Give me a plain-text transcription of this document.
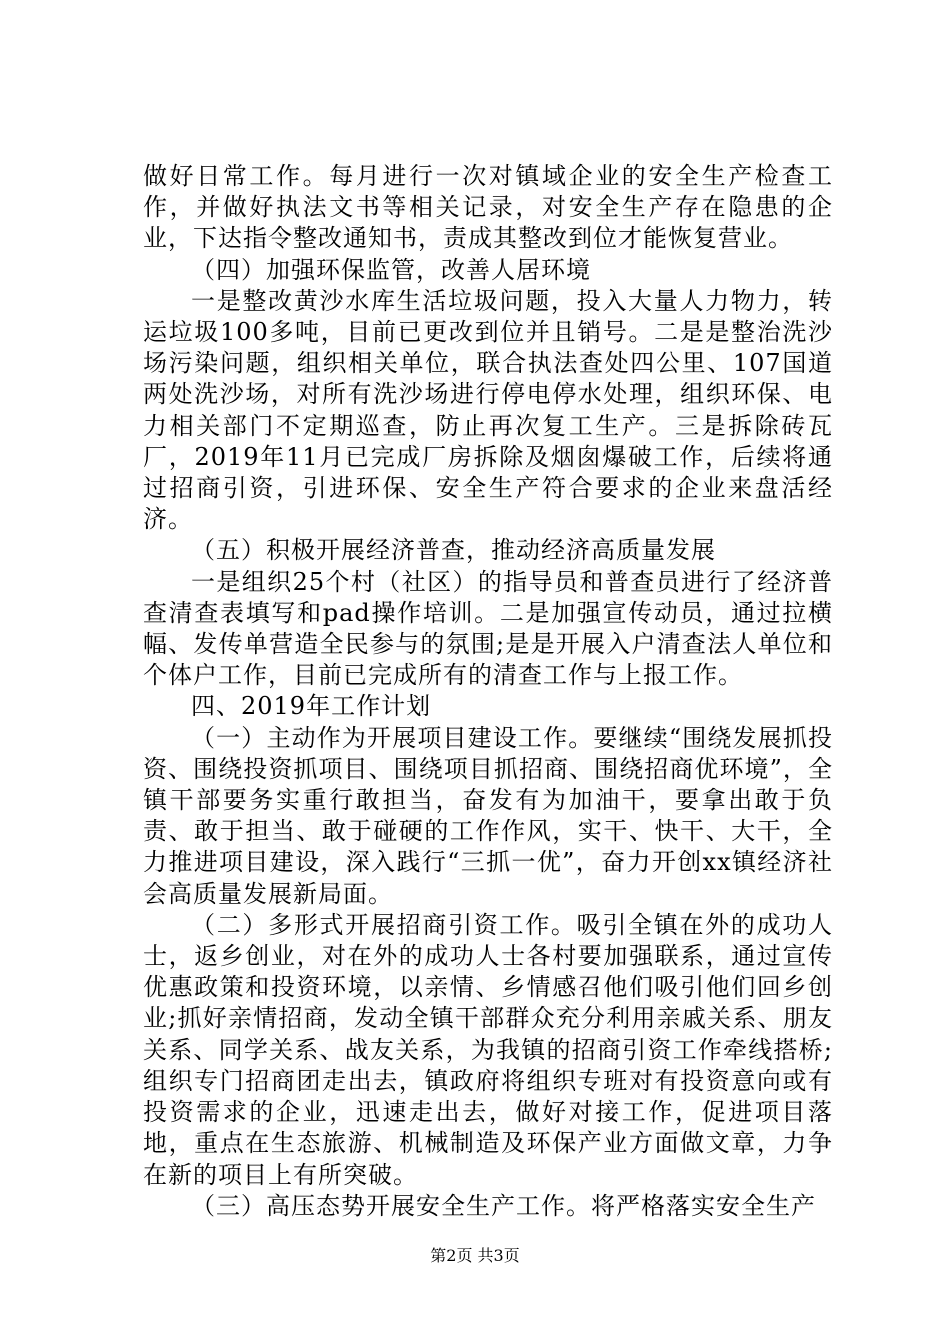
做好日常工作。每月进行一次对镇域企业的安全生产检查工作，并做好执法文书等相关记录，对安全生产存在隐患的企业，下达指令整改通知书，责成其整改到位才能恢复营业。

（四）加强环保监管，改善人居环境

一是整改黄沙水库生活垃圾问题，投入大量人力物力，转运垃圾100多吨，目前已更改到位并且销号。二是是整治洗沙场污染问题，组织相关单位，联合执法查处四公里、107国道两处洗沙场，对所有洗沙场进行停电停水处理，组织环保、电力相关部门不定期巡查，防止再次复工生产。三是拆除砖瓦厂，2019年11月已完成厂房拆除及烟囱爆破工作，后续将通过招商引资，引进环保、安全生产符合要求的企业来盘活经济。

（五）积极开展经济普查，推动经济高质量发展

一是组织25个村（社区）的指导员和普查员进行了经济普查清查表填写和pad操作培训。二是加强宣传动员，通过拉横幅、发传单营造全民参与的氛围;是是开展入户清查法人单位和个体户工作，目前已完成所有的清查工作与上报工作。

四、2019年工作计划

（一）主动作为开展项目建设工作。要继续“围绕发展抓投资、围绕投资抓项目、围绕项目抓招商、围绕招商优环境”，全镇干部要务实重行敢担当，奋发有为加油干，要拿出敢于负责、敢于担当、敢于碰硬的工作作风，实干、快干、大干，全力推进项目建设，深入践行“三抓一优”，奋力开创xx镇经济社会高质量发展新局面。

（二）多形式开展招商引资工作。吸引全镇在外的成功人士，返乡创业，对在外的成功人士各村要加强联系，通过宣传优惠政策和投资环境，以亲情、乡情感召他们吸引他们回乡创业;抓好亲情招商，发动全镇干部群众充分利用亲戚关系、朋友关系、同学关系、战友关系，为我镇的招商引资工作牵线搭桥;组织专门招商团走出去，镇政府将组织专班对有投资意向或有投资需求的企业，迅速走出去，做好对接工作，促进项目落地，重点在生态旅游、机械制造及环保产业方面做文章，力争在新的项目上有所突破。

（三）高压态势开展安全生产工作。将严格落实安全生产

第2页 共3页
